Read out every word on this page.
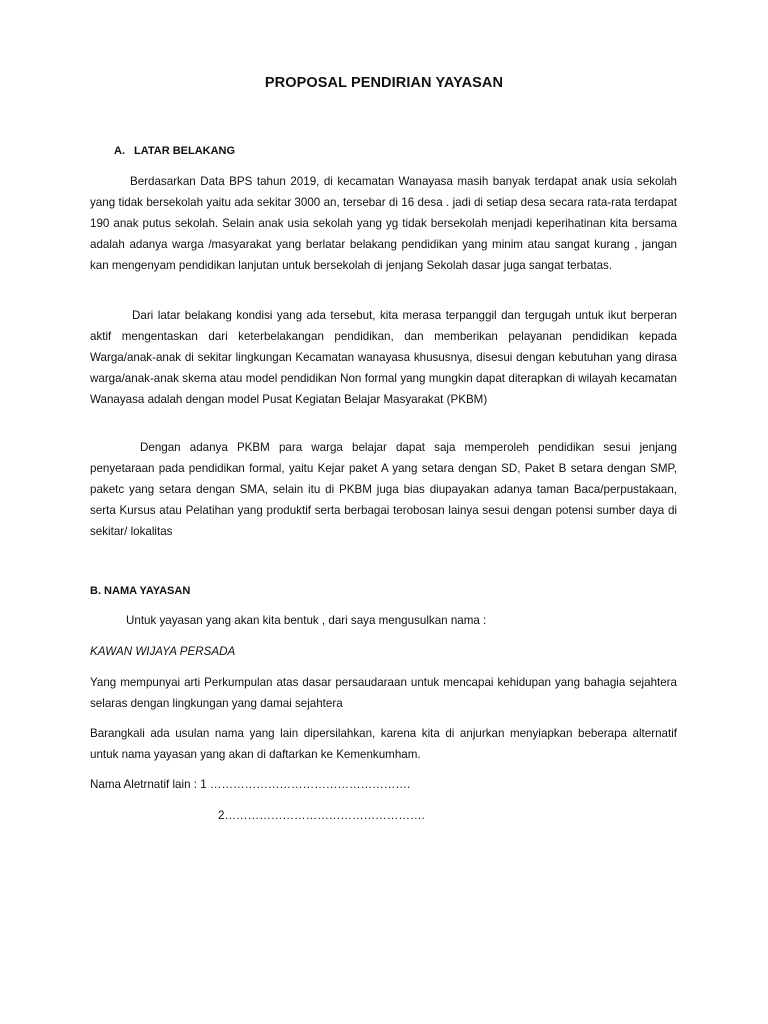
PROPOSAL PENDIRIAN YAYASAN
A. LATAR BELAKANG
Berdasarkan Data BPS tahun 2019, di kecamatan Wanayasa masih banyak terdapat anak usia sekolah yang tidak bersekolah yaitu ada sekitar 3000 an, tersebar di 16 desa . jadi di setiap desa secara rata-rata terdapat 190 anak putus sekolah. Selain anak usia sekolah yang yg tidak bersekolah menjadi keperihatinan kita bersama adalah adanya warga /masyarakat yang berlatar belakang pendidikan yang minim atau sangat kurang , jangan kan mengenyam pendidikan lanjutan untuk bersekolah di jenjang Sekolah dasar juga sangat terbatas.
Dari latar belakang kondisi yang ada tersebut, kita merasa terpanggil dan tergugah untuk ikut berperan aktif mengentaskan dari keterbelakangan pendidikan, dan memberikan pelayanan pendidikan kepada Warga/anak-anak di sekitar lingkungan Kecamatan wanayasa khususnya, disesui dengan kebutuhan yang dirasa warga/anak-anak skema atau model pendidikan Non formal yang mungkin dapat diterapkan di wilayah kecamatan Wanayasa adalah dengan model Pusat Kegiatan Belajar Masyarakat (PKBM)
Dengan adanya PKBM para warga belajar dapat saja memperoleh pendidikan sesui jenjang penyetaraan pada pendidikan formal, yaitu Kejar paket A yang setara dengan SD, Paket B setara dengan SMP, paketc yang setara dengan SMA, selain itu di PKBM juga bias diupayakan adanya taman Baca/perpustakaan, serta Kursus atau Pelatihan yang produktif serta berbagai terobosan lainya sesui dengan potensi sumber daya di sekitar/ lokalitas
B. NAMA YAYASAN
Untuk yayasan yang akan kita bentuk , dari saya mengusulkan nama :
KAWAN WIJAYA PERSADA
Yang mempunyai arti Perkumpulan atas dasar persaudaraan untuk mencapai kehidupan yang bahagia sejahtera selaras dengan lingkungan yang damai sejahtera
Barangkali ada usulan nama yang lain dipersilahkan, karena kita di anjurkan menyiapkan beberapa alternatif untuk nama yayasan yang akan di daftarkan ke Kemenkumham.
Nama Aletrnatif lain : 1 …………………………………………….
2…………………………………………….
